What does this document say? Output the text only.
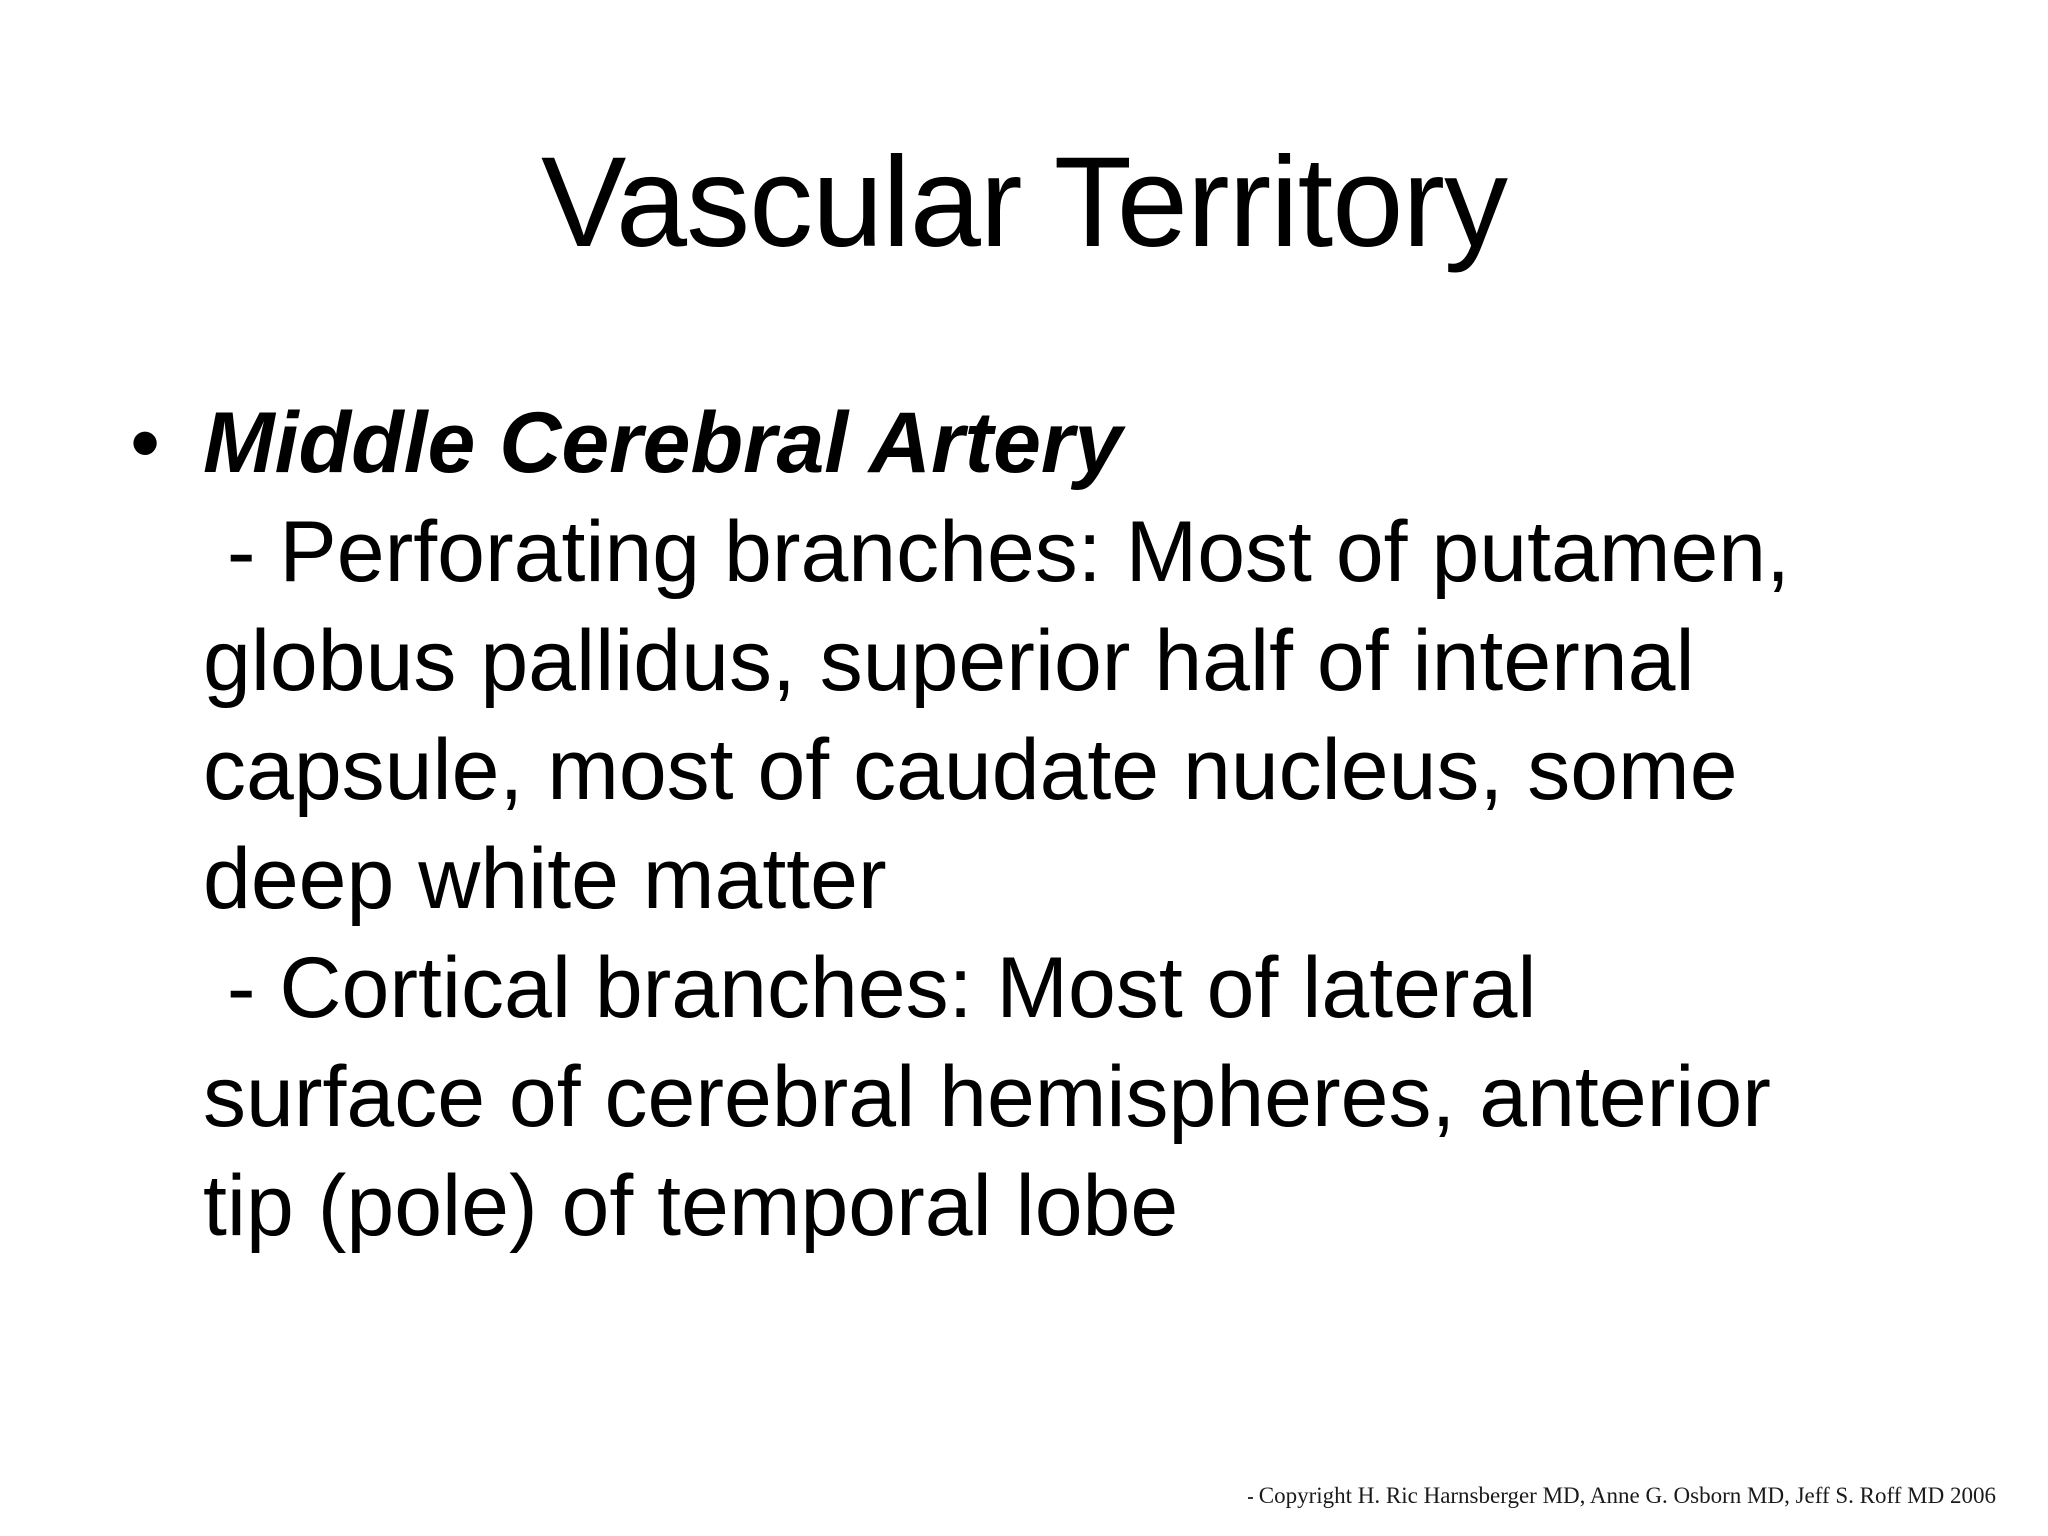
Vascular Territory
• Middle Cerebral Artery
- Perforating branches: Most of putamen,
globus pallidus, superior half of internal
capsule, most of caudate nucleus, some
deep white matter
- Cortical branches: Most of lateral
surface of cerebral hemispheres, anterior
tip (pole) of temporal lobe
Copyright H. Ric Harnsberger MD, Anne G. Osborn MD, Jeff S. Roff MD 2006
